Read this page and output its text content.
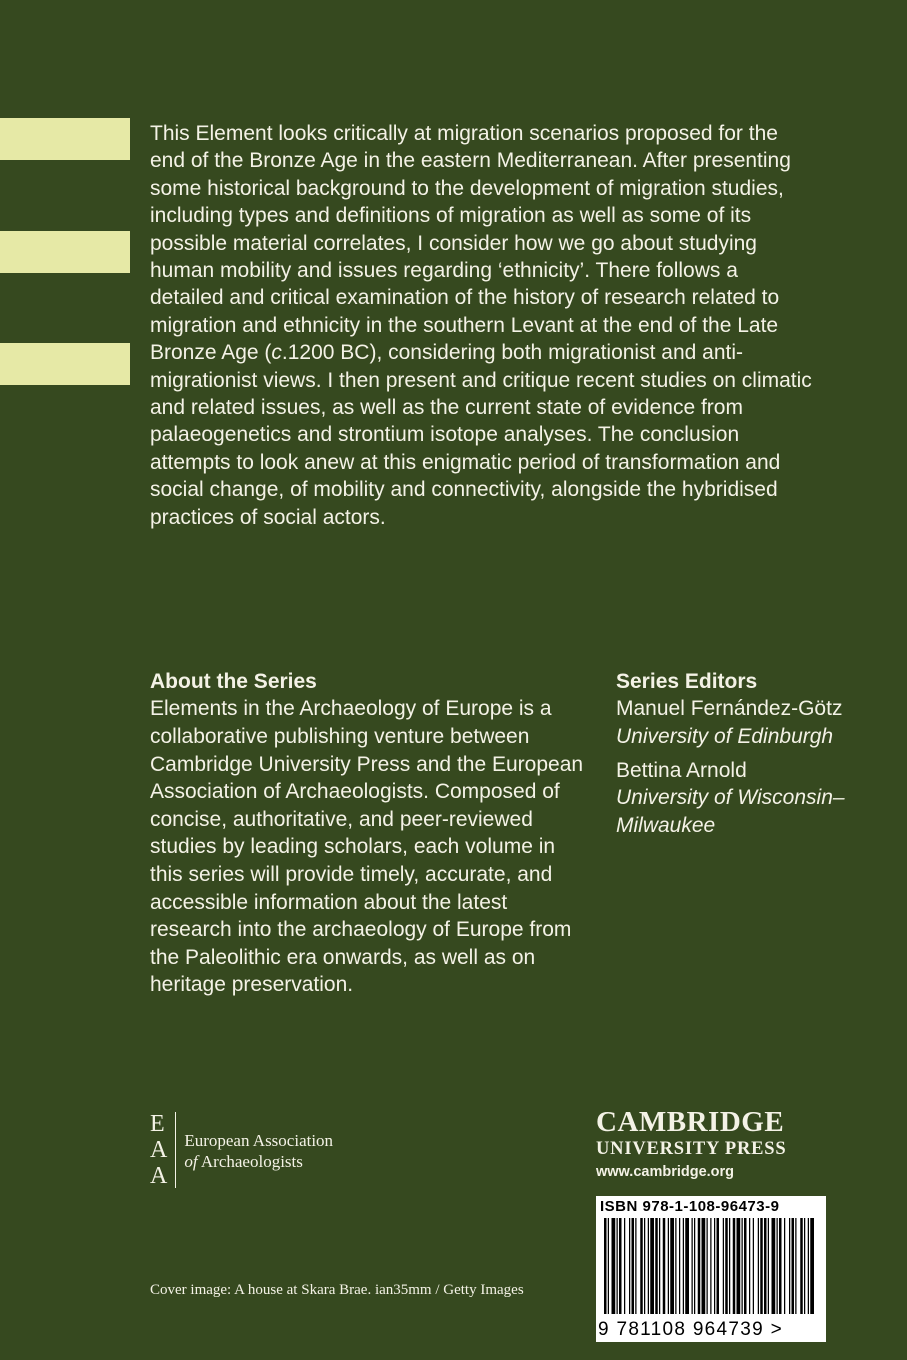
This Element looks critically at migration scenarios proposed for the end of the Bronze Age in the eastern Mediterranean. After presenting some historical background to the development of migration studies, including types and definitions of migration as well as some of its possible material correlates, I consider how we go about studying human mobility and issues regarding ‘ethnicity’. There follows a detailed and critical examination of the history of research related to migration and ethnicity in the southern Levant at the end of the Late Bronze Age (c.1200 BC), considering both migrationist and anti-migrationist views. I then present and critique recent studies on climatic and related issues, as well as the current state of evidence from palaeogenetics and strontium isotope analyses. The conclusion attempts to look anew at this enigmatic period of transformation and social change, of mobility and connectivity, alongside the hybridised practices of social actors.

About the Series

Elements in the Archaeology of Europe is a collaborative publishing venture between Cambridge University Press and the European Association of Archaeologists. Composed of concise, authoritative, and peer-reviewed studies by leading scholars, each volume in this series will provide timely, accurate, and accessible information about the latest research into the archaeology of Europe from the Paleolithic era onwards, as well as on heritage preservation.

Series Editors
Manuel Fernández-Götz
University of Edinburgh
Bettina Arnold
University of Wisconsin–Milwaukee
E
A
A
European Association
of Archaeologists
CAMBRIDGE
UNIVERSITY PRESS
www.cambridge.org
ISBN 978-1-108-96473-9
9 781108 964739 >
Cover image: A house at Skara Brae. ian35mm / Getty Images
